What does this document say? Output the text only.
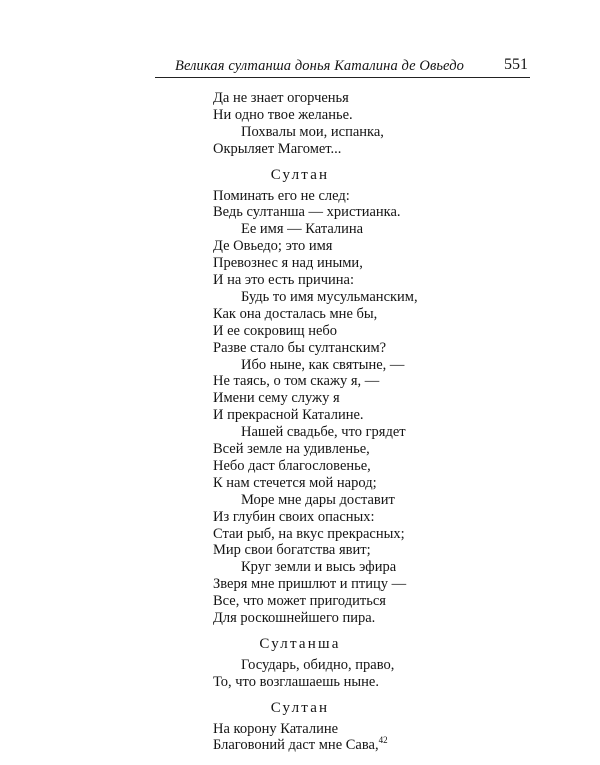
Великая султанша донья Каталина де Овьедо 551
Да не знает огорченья
Ни одно твое желанье.
Похвалы мои, испанка,
Окрыляет Магомет...
Султан
Поминать его не след:
Ведь султанша — христианка.
Ее имя — Каталина
Де Овьедо; это имя
Превознес я над иными,
И на это есть причина:
Будь то имя мусульманским,
Как она досталась мне бы,
И ее сокровищ небо
Разве стало бы султанским?
Ибо ныне, как святыне, —
Не таясь, о том скажу я, —
Имени сему служу я
И прекрасной Каталине.
Нашей свадьбе, что грядет
Всей земле на удивленье,
Небо даст благословенье,
К нам стечется мой народ;
Море мне дары доставит
Из глубин своих опасных:
Стаи рыб, на вкус прекрасных;
Мир свои богатства явит;
Круг земли и высь эфира
Зверя мне пришлют и птицу —
Все, что может пригодиться
Для роскошнейшего пира.
Султанша
Государь, обидно, право,
То, что возглашаешь ныне.
Султан
На корону Каталине
Благовоний даст мне Сава,$^{42}$
